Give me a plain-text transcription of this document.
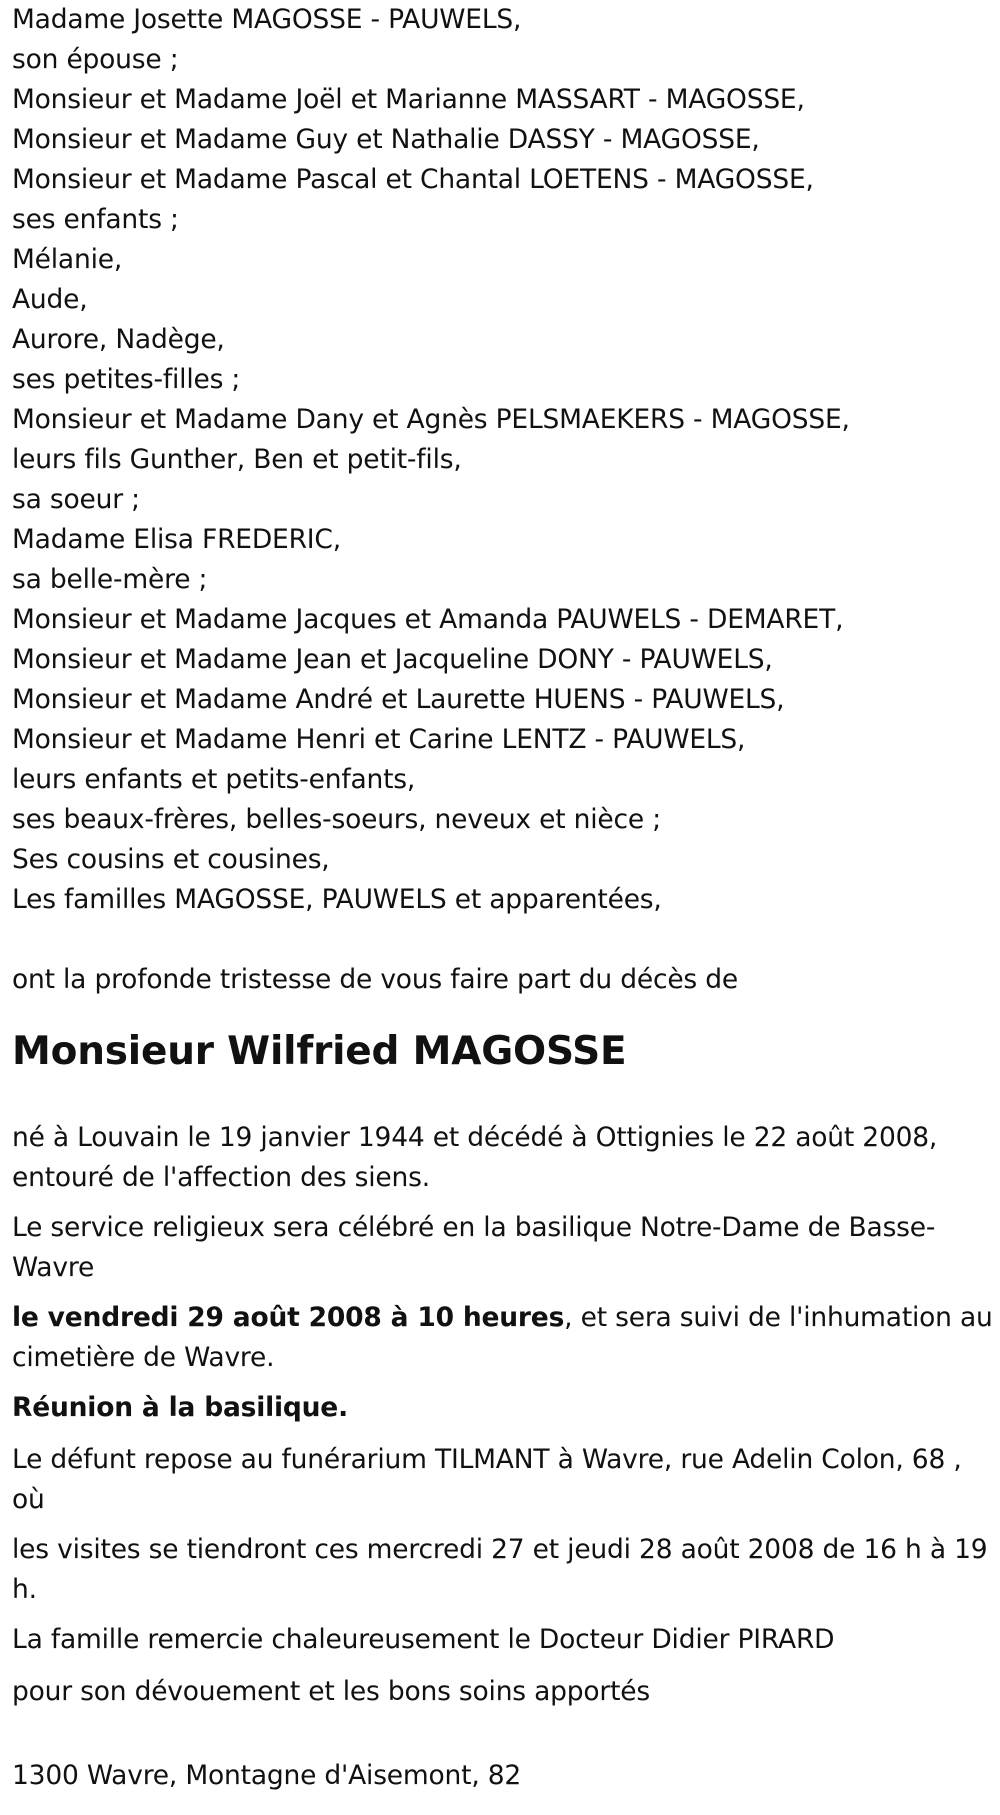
Madame Josette MAGOSSE - PAUWELS,
son épouse ;
Monsieur et Madame Joël et Marianne MASSART - MAGOSSE,
Monsieur et Madame Guy et Nathalie DASSY - MAGOSSE,
Monsieur et Madame Pascal et Chantal LOETENS - MAGOSSE,
ses enfants ;
Mélanie,
Aude,
Aurore, Nadège,
ses petites-filles ;
Monsieur et Madame Dany et Agnès PELSMAEKERS - MAGOSSE,
leurs fils Gunther, Ben et petit-fils,
sa soeur ;
Madame Elisa FREDERIC,
sa belle-mère ;
Monsieur et Madame Jacques et Amanda PAUWELS - DEMARET,
Monsieur et Madame Jean et Jacqueline DONY - PAUWELS,
Monsieur et Madame André et Laurette HUENS - PAUWELS,
Monsieur et Madame Henri et Carine LENTZ - PAUWELS,
leurs enfants et petits-enfants,
ses beaux-frères, belles-soeurs, neveux et nièce ;
Ses cousins et cousines,
Les familles MAGOSSE, PAUWELS et apparentées,
ont la profonde tristesse de vous faire part du décès de
Monsieur Wilfried MAGOSSE
né à Louvain le 19 janvier 1944 et décédé à Ottignies le 22 août 2008, entouré de l'affection des siens.
Le service religieux sera célébré en la basilique Notre-Dame de Basse-Wavre
le vendredi 29 août 2008 à 10 heures, et sera suivi de l'inhumation au cimetière de Wavre.
Réunion à la basilique.
Le défunt repose au funérarium TILMANT à Wavre, rue Adelin Colon, 68 , où
les visites se tiendront ces mercredi 27 et jeudi 28 août 2008 de 16 h à 19 h.
La famille remercie chaleureusement le Docteur Didier PIRARD
pour son dévouement et les bons soins apportés
1300 Wavre, Montagne d'Aisemont, 82
